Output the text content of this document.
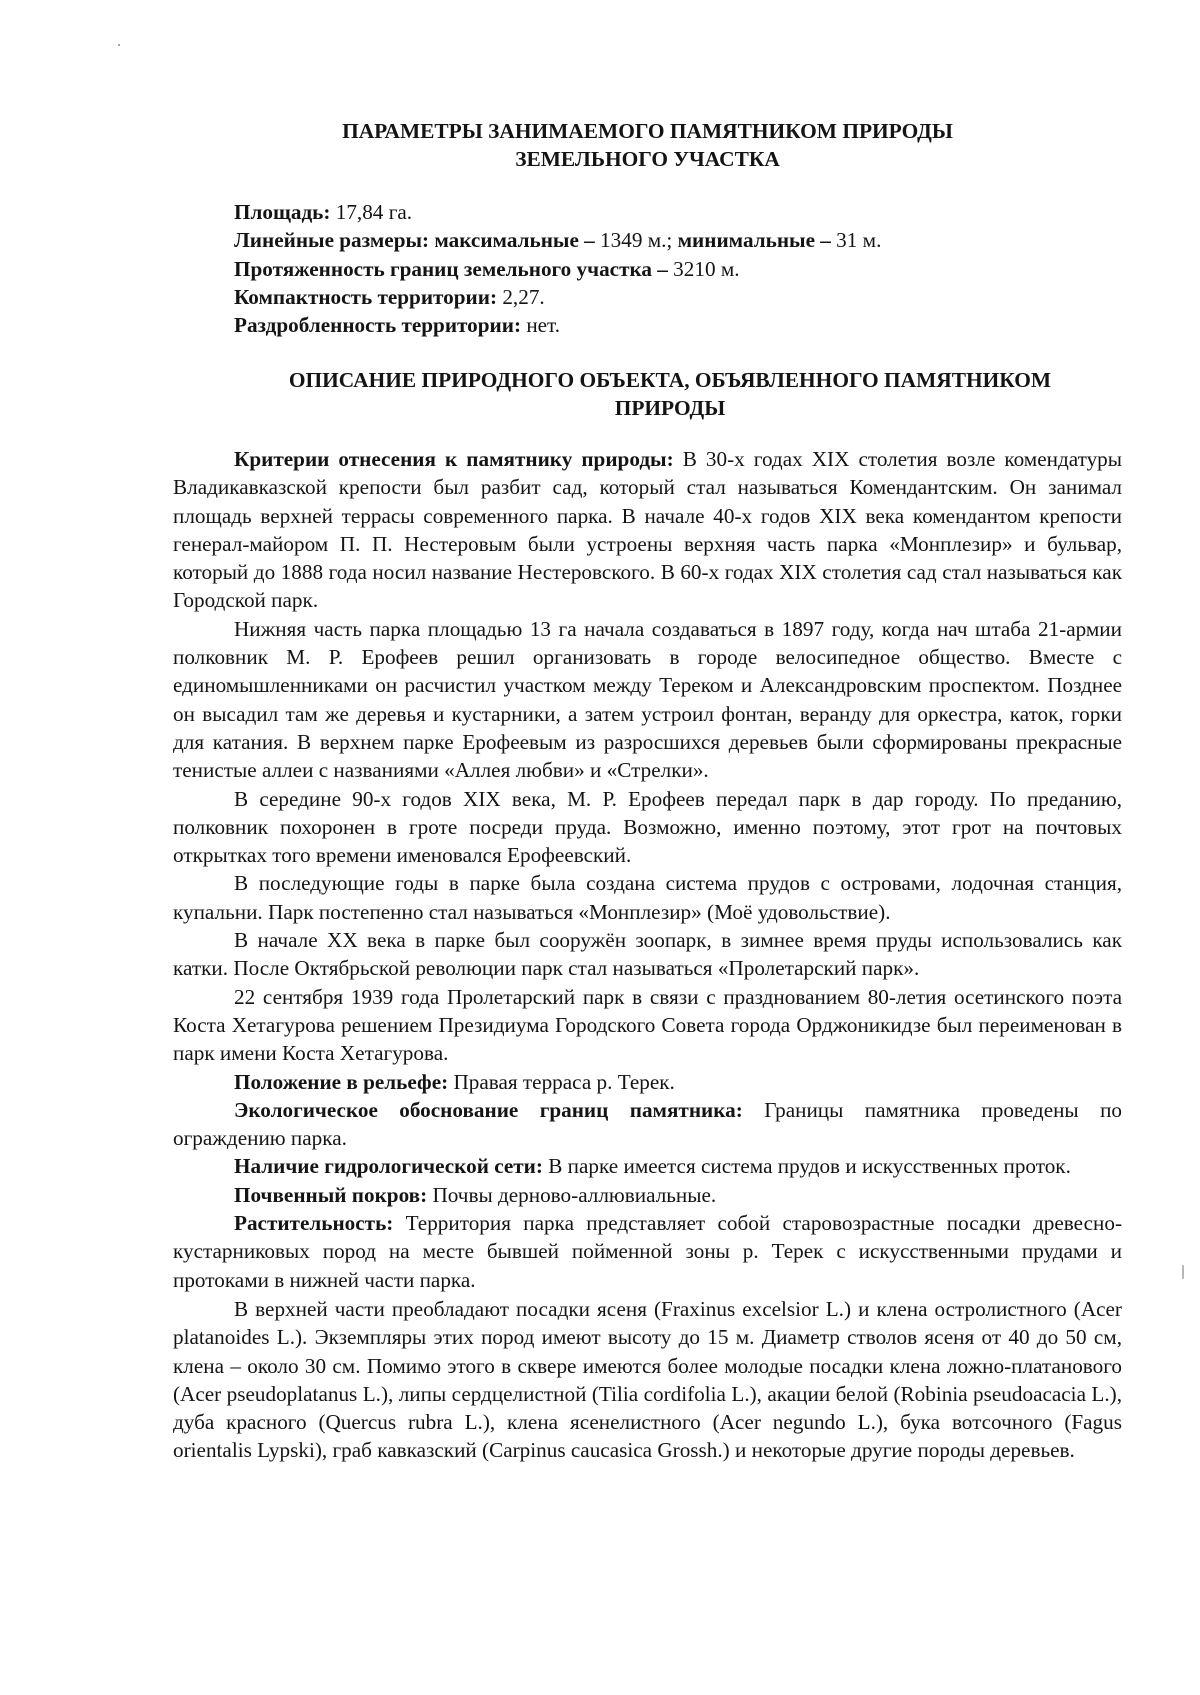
ПАРАМЕТРЫ ЗАНИМАЕМОГО ПАМЯТНИКОМ ПРИРОДЫ
ЗЕМЕЛЬНОГО УЧАСТКА
Площадь: 17,84 га.
Линейные размеры: максимальные – 1349 м.; минимальные – 31 м.
Протяженность границ земельного участка – 3210 м.
Компактность территории: 2,27.
Раздробленность территории: нет.
ОПИСАНИЕ ПРИРОДНОГО ОБЪЕКТА, ОБЪЯВЛЕННОГО ПАМЯТНИКОМ
ПРИРОДЫ

Критерии отнесения к памятнику природы: В 30-х годах XIX столетия возле комендатуры Владикавказской крепости был разбит сад, который стал называться Комендантским. Он занимал площадь верхней террасы современного парка. В начале 40-х годов XIX века комендантом крепости генерал-майором П. П. Нестеровым были устроены верхняя часть парка «Монплезир» и бульвар, который до 1888 года носил название Нестеровского. В 60-х годах XIX столетия сад стал называться как Городской парк.

Нижняя часть парка площадью 13 га начала создаваться в 1897 году, когда нач штаба 21-армии полковник М. Р. Ерофеев решил организовать в городе велосипедное общество. Вместе с единомышленниками он расчистил участком между Тереком и Александровским проспектом. Позднее он высадил там же деревья и кустарники, а затем устроил фонтан, веранду для оркестра, каток, горки для катания. В верхнем парке Ерофеевым из разросшихся деревьев были сформированы прекрасные тенистые аллеи с названиями «Аллея любви» и «Стрелки».

В середине 90-х годов XIX века, М. Р. Ерофеев передал парк в дар городу. По преданию, полковник похоронен в гроте посреди пруда. Возможно, именно поэтому, этот грот на почтовых открытках того времени именовался Ерофеевский.

В последующие годы в парке была создана система прудов с островами, лодочная станция, купальни. Парк постепенно стал называться «Монплезир» (Моё удовольствие).

В начале XX века в парке был сооружён зоопарк, в зимнее время пруды использовались как катки. После Октябрьской революции парк стал называться «Пролетарский парк».

22 сентября 1939 года Пролетарский парк в связи с празднованием 80-летия осетинского поэта Коста Хетагурова решением Президиума Городского Совета города Орджоникидзе был переименован в парк имени Коста Хетагурова.

Положение в рельефе: Правая терраса р. Терек.

Экологическое обоснование границ памятника: Границы памятника проведены по ограждению парка.

Наличие гидрологической сети: В парке имеется система прудов и искусственных проток.

Почвенный покров: Почвы дерново-аллювиальные.

Растительность: Территория парка представляет собой старовозрастные посадки древесно-кустарниковых пород на месте бывшей пойменной зоны р. Терек с искусственными прудами и протоками в нижней части парка.

В верхней части преобладают посадки ясеня (Fraxinus excelsior L.) и клена остролистного (Acer platanoides L.). Экземпляры этих пород имеют высоту до 15 м. Диаметр стволов ясеня от 40 до 50 см, клена – около 30 см. Помимо этого в сквере имеются более молодые посадки клена ложно-платанового (Acer pseudoplatanus L.), липы сердцелистной (Tilia cordifolia L.), акации белой (Robinia pseudoacacia L.), дуба красного (Quercus rubra L.), клена ясенелистного (Acer negundo L.), бука вотсочного (Fagus orientalis Lypski), граб кавказский (Carpinus caucasica Grossh.) и некоторые другие породы деревьев.
